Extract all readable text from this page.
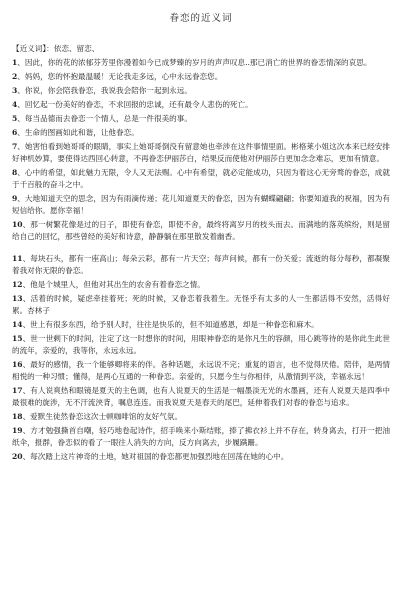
眷恋的近义词
【近义词】：依恋、留恋、
1、因此，你的花的浓郁芬芳里你漫着如今已成梦臻的岁月的声声叹息..那已消亡的世界的眷恋情深的哀思。
2、妈妈，您的怀抱最温暖！无论我走多远，心中永远眷恋您。
3、你说，你会陪我眷恋，我说我会陪你一起到永远。
4、回忆起一份美好的眷恋，不求回报的忠诚，还有最令人悲伤的死亡。
5、每当品德而去眷恋一个情人，总是一件很美的事。
6、生命的图画如此和谐，让他眷恋。
7、她害怕看到她哥哥的眼睛，事实上她哥哥倒没有留意她也牵涉在这件事情里面。彬格莱小姐这次本来已经安排好神机妙算，要使得达西回心转意，不再眷恋伊丽莎白，结果反而使他对伊丽莎白更加念念难忘，更加有情意。
8、心中的希望，如此魅力无限，令人又无法赐。心中有希望，就必定能成功，只因为着这心无旁骛的眷恋，成就于千百般的奋斗之中。
9、大地知道天空的思念，因为有雨滴传递；花儿知道夏天的眷恋，因为有蝴蝶翩翩；你要知道我的祝福，因为有短信给你。愿你幸福！
10、那一树繁花像是过的日子，即使有眷恋，即使不舍，最终将离岁月的枝头而去。而满地的落英缤纷，则是留给自己的回忆，那些曾经的美好和诗意，静静躺在那里散发着幽香。
11、每块石头，都有一座高山；每朵云彩，都有一片天空；每声问候，都有一份关爱；流逝的每分每秒，都凝聚着我对你无限的眷恋。
12、他是个城里人，但他对其出生的农舍有着眷恋之情。
13、活着的时候，疑虑牵挂着死；死的时候，又眷恋着我着生。无怪乎有太多的人一生都活得不安然，活得好累。杏林子
14、世上有很多东西，给予别人时，往往是快乐的，但不知道感恩，却是一种眷恋和麻木。
15、世一世剩下的时间，注定了这一时想你的时间，用眼神眷恋的是你凡生的容颜，用心跳等待的是你此生此世的流年，亲爱的，我等你，永远永远。
16、最好的感情，我一个能够卿将来的伴。各种话题，永远说不完；重复的语言，也不觉得厌倦。陪伴，是两情相悦的一种习惯；懂得，是两心互通的一种眷恋。亲爱的，只愿今生与你相伴，从激情到平淡，幸福永远！
17、有人说爽热和眼镜是夏天的主色调，也有人说夏天的生活是一幅墨淡无光的水墨画，还有人说夏天是四季中最很难的旋涉，无不汗流浃背，嘱息连连。而我说夏天是春天的尾巴，延伸着我们对春的眷恋与追求。
18、爱默生徒然眷恋这次士顿咖啡馆的友好气氛。
19、方才勉强撕首自嘲，轻巧地卷起诗作，招手唤来小斯结账，捧了拂衣衫上并不存在，转身离去，打开一把油纸伞，报群，眷恋似的看了一眼往人消失的方向，反方向离去，步履蹒跚。
20、每次踏上这片神奇的土地，她对祖国的眷恋都更加强烈地在回荡在她的心中。
